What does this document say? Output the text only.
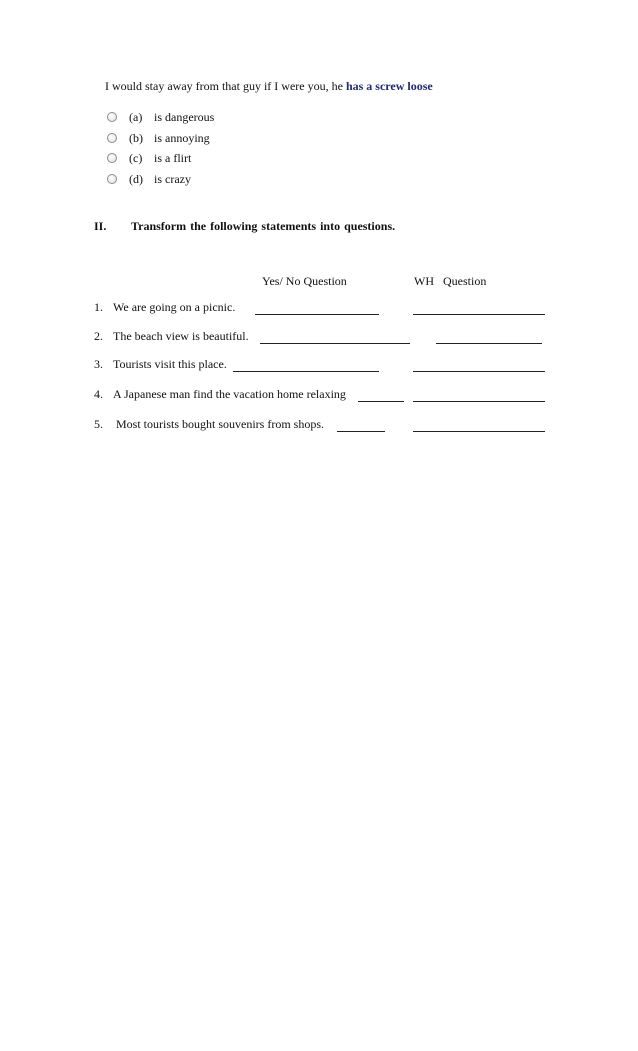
I would stay away from that guy if I were you, he has a screw loose
(a) is dangerous
(b) is annoying
(c) is a flirt
(d) is crazy
II. Transform the following statements into questions.
Yes/ No Question	WH   Question
1. We are going on a picnic.
2. The beach view is beautiful.
3. Tourists visit this place.
4. A Japanese man find the vacation home relaxing
5. Most tourists bought souvenirs from shops.
